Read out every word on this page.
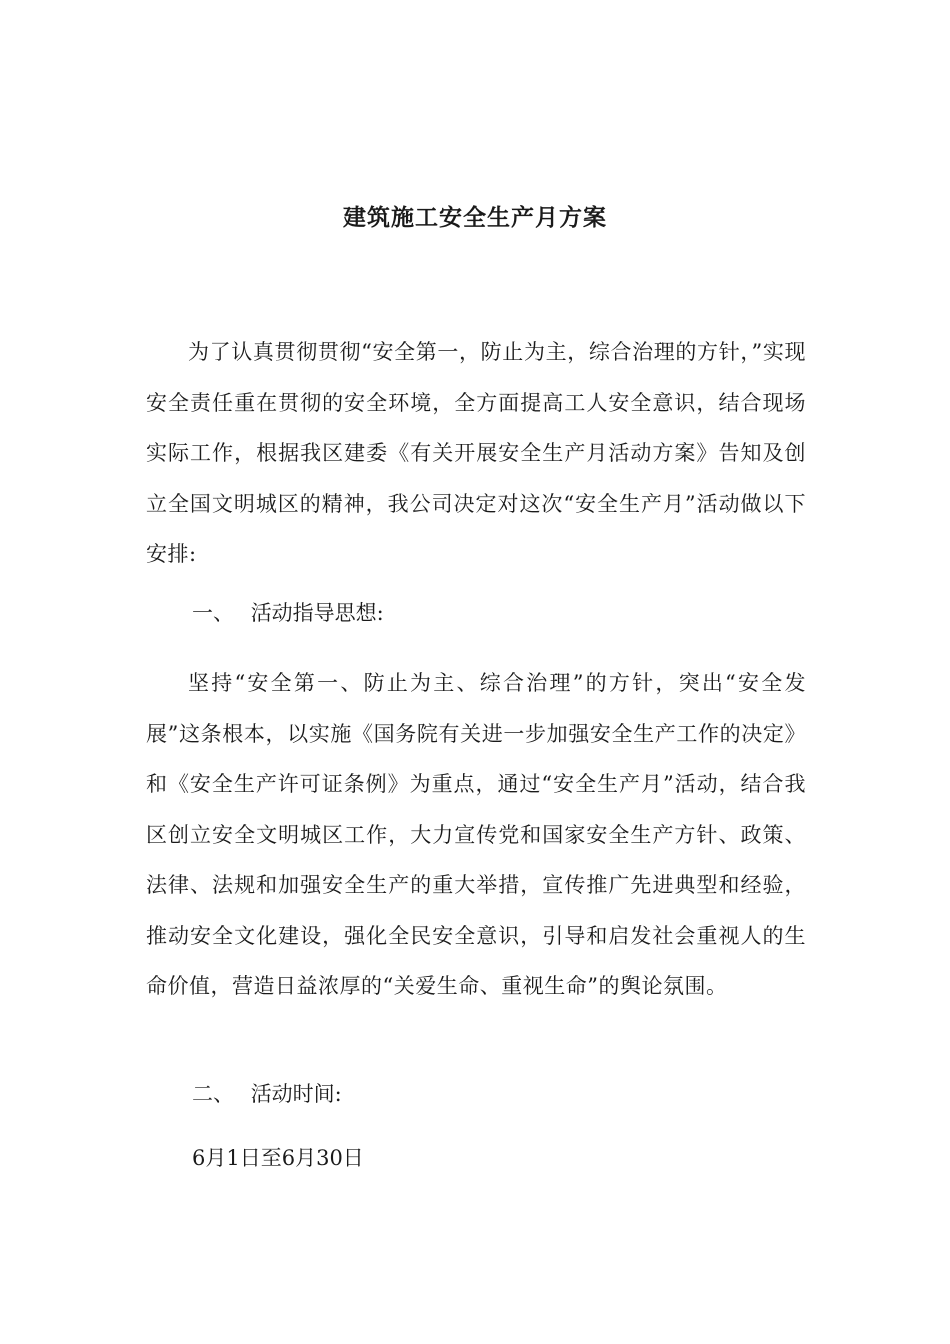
建筑施工安全生产月方案
为了认真贯彻贯彻“安全第一，防止为主，综合治理的方针，”实现安全责任重在贯彻的安全环境，全方面提高工人安全意识，结合现场实际工作，根据我区建委《有关开展安全生产月活动方案》告知及创立全国文明城区的精神，我公司决定对这次“安全生产月”活动做以下安排:
一、 活动指导思想:
坚持“安全第一、防止为主、综合治理”的方针，突出“安全发展”这条根本，以实施《国务院有关进一步加强安全生产工作的决定》和《安全生产许可证条例》为重点，通过“安全生产月”活动，结合我区创立安全文明城区工作，大力宣传党和国家安全生产方针、政策、法律、法规和加强安全生产的重大举措，宣传推广先进典型和经验，推动安全文化建设，强化全民安全意识，引导和启发社会重视人的生命价值，营造日益浓厚的“关爱生命、重视生命”的舆论氛围。
二、 活动时间:
6月1日至6月30日
